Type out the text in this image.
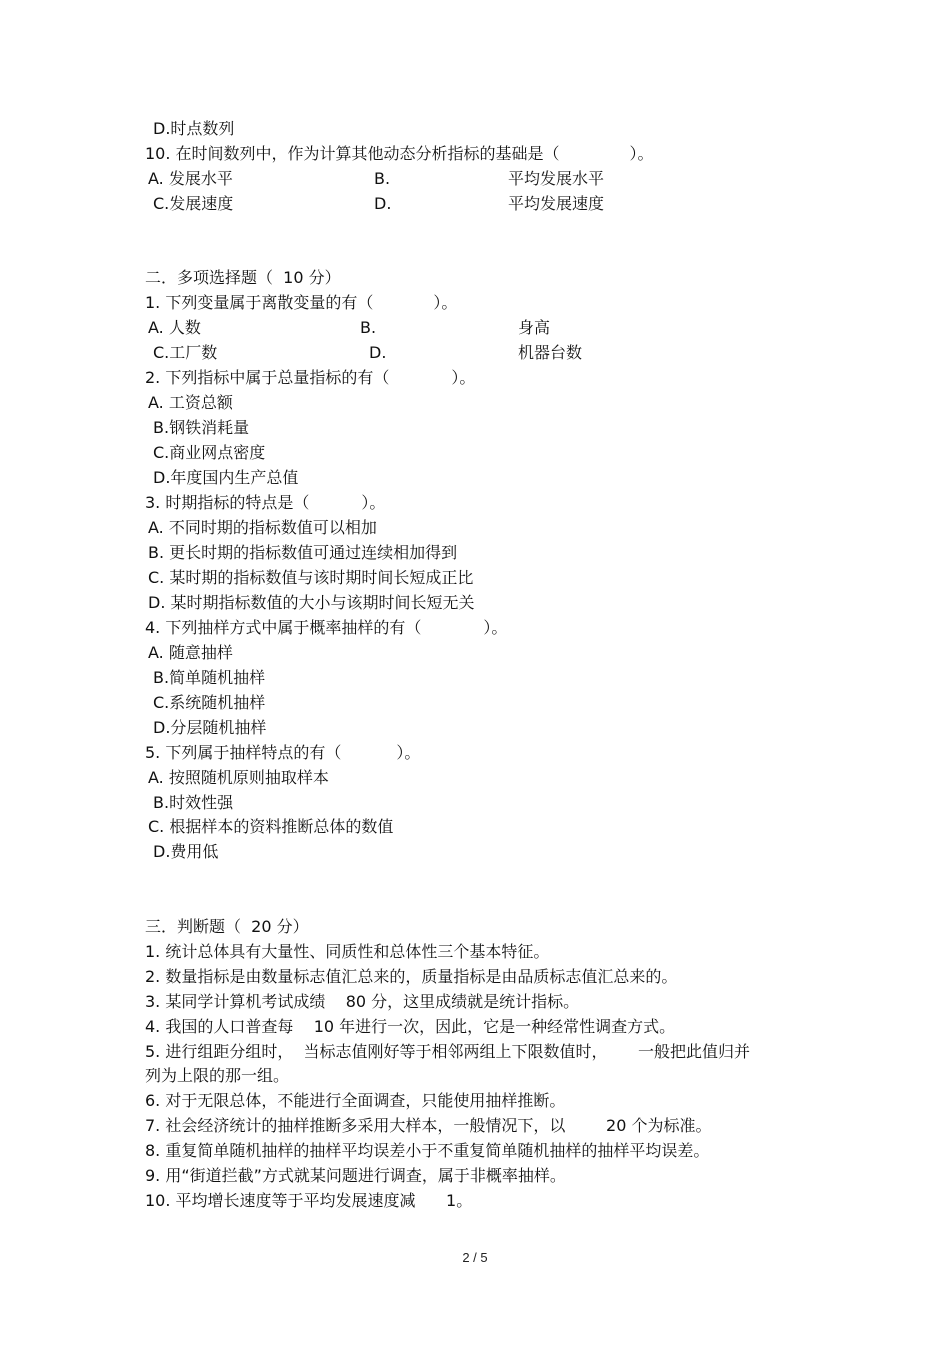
D.时点数列
10. 在时间数列中，作为计算其他动态分析指标的基础是（	）。
A. 发展水平	B.	平均发展水平
C.发展速度	D.	平均发展速度
二．多项选择题（  10 分）
1. 下列变量属于离散变量的有（	）。
A. 人数	B.	身高
C.工厂数	D.	机器台数
2. 下列指标中属于总量指标的有（	）。
A. 工资总额
B.钢铁消耗量
C.商业网点密度
D.年度国内生产总值
3. 时期指标的特点是（	）。
A. 不同时期的指标数值可以相加
B. 更长时期的指标数值可通过连续相加得到
C. 某时期的指标数值与该时期时间长短成正比
D. 某时期指标数值的大小与该期时间长短无关
4. 下列抽样方式中属于概率抽样的有（	）。
A. 随意抽样
B.简单随机抽样
C.系统随机抽样
D.分层随机抽样
5. 下列属于抽样特点的有（	）。
A. 按照随机原则抽取样本
B.时效性强
C. 根据样本的资料推断总体的数值
D.费用低
三．判断题（  20 分）
1. 统计总体具有大量性、同质性和总体性三个基本特征。
2. 数量指标是由数量标志值汇总来的，质量指标是由品质标志值汇总来的。
3. 某同学计算机考试成绩    80 分，这里成绩就是统计指标。
4. 我国的人口普查每    10 年进行一次，因此，它是一种经常性调查方式。
5. 进行组距分组时，  当标志值刚好等于相邻两组上下限数值时，      一般把此值归并
列为上限的那一组。
6. 对于无限总体，不能进行全面调查，只能使用抽样推断。
7. 社会经济统计的抽样推断多采用大样本，一般情况下，以        20 个为标准。
8. 重复简单随机抽样的抽样平均误差小于不重复简单随机抽样的抽样平均误差。
9. 用“街道拦截”方式就某问题进行调查，属于非概率抽样。
10. 平均增长速度等于平均发展速度减      1。
2 / 5
